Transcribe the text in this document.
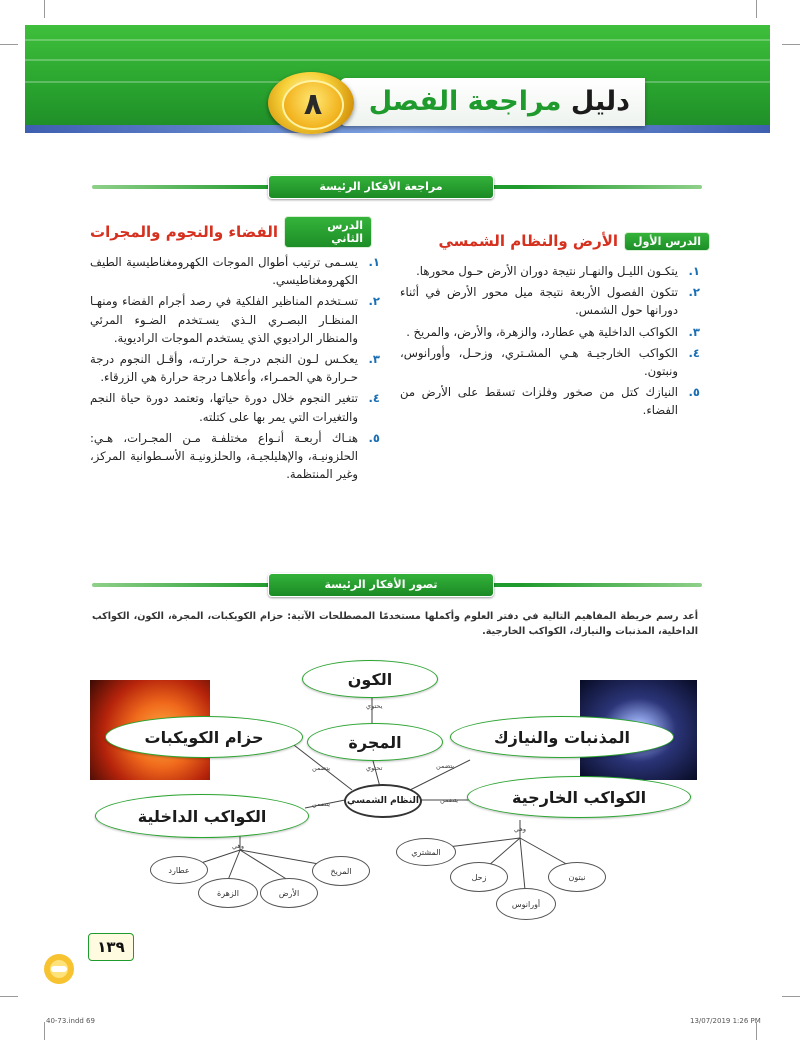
دليل مراجعة الفصل
٨
مراجعة الأفكار الرئيسة
الدرس الأول
الأرض والنظام الشمسي
١.
يتكـون الليـل والنهـار نتيجة دوران الأرض حـول محورها.
٢.
تتكون الفصول الأربعة نتيجة ميل محور الأرض في أثناء دورانها حول الشمس.
٣.
الكواكب الداخلية هي عطارد، والزهرة، والأرض، والمريخ .
٤.
الكواكب الخارجيـة هـي المشـتري، وزحـل، وأورانوس، ونبتون.
٥.
النيازك كتل من صخور وفلزات تسقط على الأرض من الفضاء.
الدرس الثاني
الفضاء والنجوم والمجرات
١.
يسـمى ترتيب أطوال الموجات الكهرومغناطيسية الطيف الكهرومغناطيسي.
٢.
تسـتخدم المناظير الفلكية في رصد أجرام الفضاء ومنهـا المنظـار البصـري الـذي يسـتخدم الضـوء المرئي والمنظار الراديوي الذي يستخدم الموجات الراديوية.
٣.
يعكـس لـون النجم درجـة حرارتـه، وأقـل النجوم درجة حـرارة هي الحمـراء، وأعلاهـا درجة حرارة هي الزرقاء.
٤.
تتغير النجوم خلال دورة حياتها، وتعتمد دورة حياة النجم والتغيرات التي يمر بها على كتلته.
٥.
هنـاك أربعـة أنـواع مختلفـة مـن المجـرات، هـي: الحلزونيـة، والإهليلجيـة، والحلزونيـة الأسـطوانية المركز، وغير المنتظمة.
تصور الأفكار الرئيسة
أعد رسم خريطة المفاهيم التالية في دفتر العلوم وأكملها مستخدمًا المصطلحات الآتية: حزام الكويكبات، المجرة، الكون، الكواكب الداخلية، المذنبات والنيازك، الكواكب الخارجية.
يحتوي
تحتوي
يتضمن	يتضمن
يتضمن
يتضمن
وهي
وهي
النظام الشمسي
الكون
المجرة
حزام الكويكبات	المذنبات والنيازك
الكواكب الخارجية
الكواكب الداخلية
عطارد
الزهرة	الأرض
المريخ
المشتري
زحل
أورانوس
نبتون
١٣٩
40-73.indd 69	13/07/2019 1:26 PM
